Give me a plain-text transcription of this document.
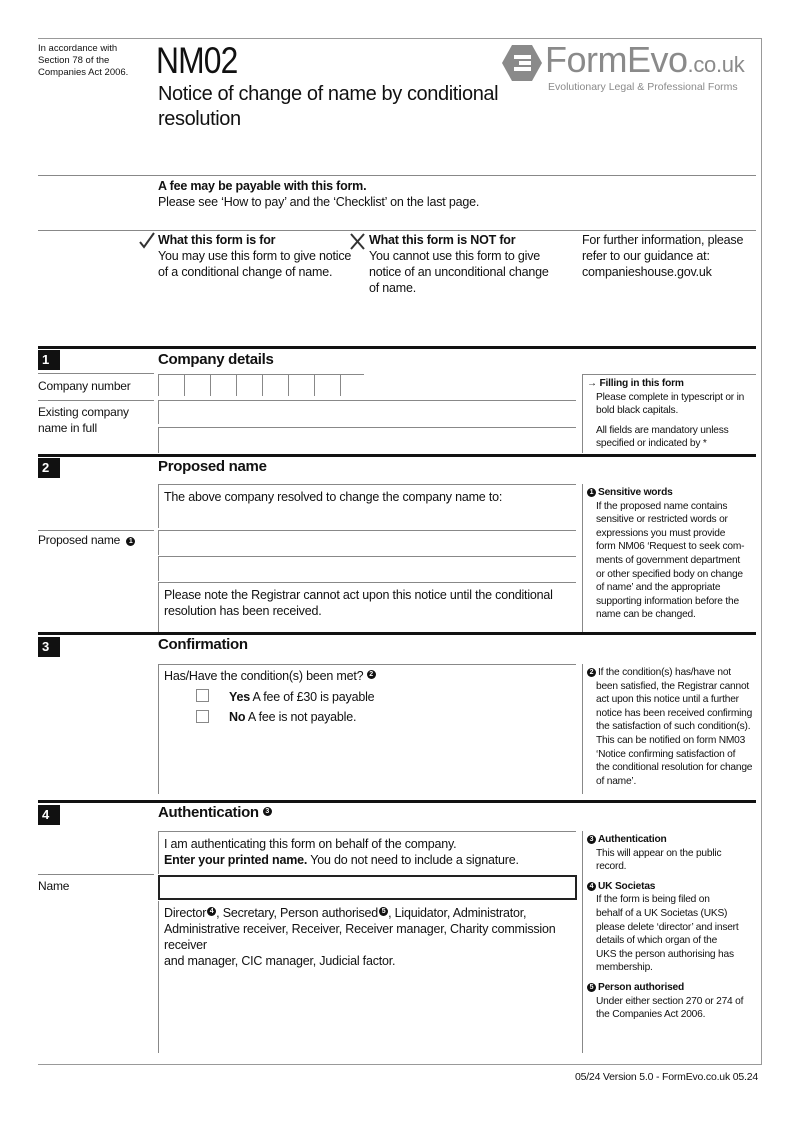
In accordance with
Section 78 of the
Companies Act 2006. NM02
Notice of change of name by conditional
resolution
FormEvo.co.uk
Evolutionary Legal & Professional Forms
A fee may be payable with this form.
Please see ‘How to pay’ and the ‘Checklist’ on the last page.
What this form is for
You may use this form to give notice
of a conditional change of name.
What this form is NOT for
You cannot use this form to give
notice of an unconditional change
of name.
For further information, please
refer to our guidance at:
companieshouse.gov.uk
1	Company details
Company number
Existing company
name in full
→ Filling in this form
Please complete in typescript or in
bold black capitals.
All fields are mandatory unless
specified or indicated by *
2	Proposed name
The above company resolved to change the company name to:
Proposed name 1
Please note the Registrar cannot act upon this notice until the conditional
resolution has been received.
1 Sensitive words
If the proposed name contains
sensitive or restricted words or
expressions you must provide
form NM06 ‘Request to seek com-
ments of government department
or other specified body on change
of name’ and the appropriate
supporting information before the
name can be changed.
3	Confirmation
Has/Have the condition(s) been met? 2
Yes A fee of £30 is payable
No A fee is not payable.
2 If the condition(s) has/have not
been satisfied, the Registrar cannot
act upon this notice until a further
notice has been received confirming
the satisfaction of such condition(s).
This can be notified on form NM03
‘Notice confirming satisfaction of
the conditional resolution for change
of name’.
4	Authentication 3
I am authenticating this form on behalf of the company.
Enter your printed name. You do not need to include a signature.
Name
Director 4 , Secretary, Person authorised 5 , Liquidator, Administrator,
Administrative receiver, Receiver, Receiver manager, Charity commission receiver
and manager, CIC manager, Judicial factor.
3 Authentication
This will appear on the public
record.
4 UK Societas
If the form is being filed on
behalf of a UK Societas (UKS)
please delete ‘director’ and insert
details of which organ of the
UKS the person authorising has
membership.
5 Person authorised
Under either section 270 or 274 of
the Companies Act 2006.
05/24 Version 5.0 - FormEvo.co.uk 05.24
